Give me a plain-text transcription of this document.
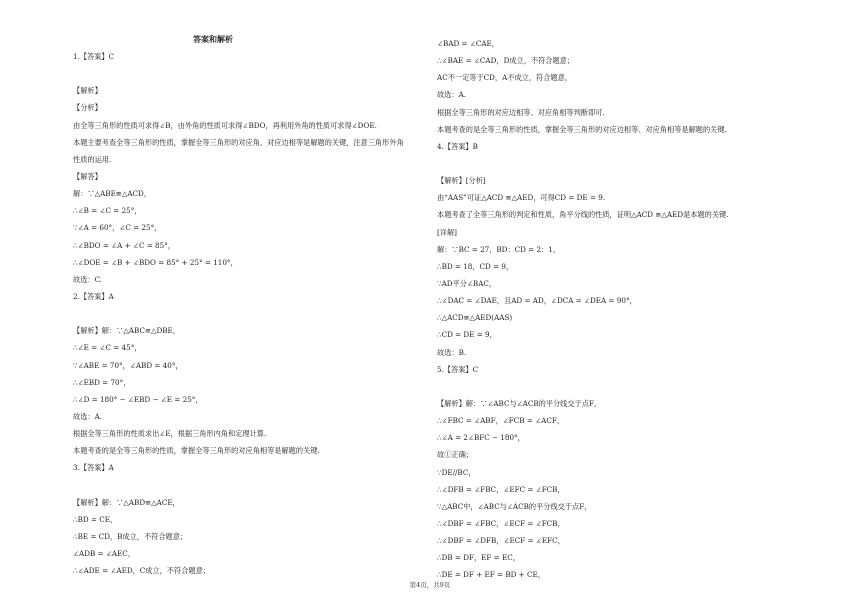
答案和解析
1.【答案】C
【解析】
【分析】
由全等三角形的性质可求得∠B，由外角的性质可求得∠BDO，再利用外角的性质可求得∠DOE.
本题主要考查全等三角形的性质，掌握全等三角形的对应角、对应边相等是解题的关键，注意三角形外角
性质的运用.
【解答】
解：∵△ABE≌△ACD，
∴∠B = ∠C = 25°，
∵∠A = 60°，∠C = 25°，
∴∠BDO = ∠A + ∠C = 85°，
∴∠DOE = ∠B + ∠BDO = 85° + 25° = 110°，
故选：C.
2.【答案】A
【解析】解：∵△ABC≌△DBE，
∴∠E = ∠C = 45°，
∵∠ABE = 70°，∠ABD = 40°，
∴∠EBD = 70°，
∴∠D = 180° − ∠EBD − ∠E = 25°，
故选：A.
根据全等三角形的性质求出∠E，根据三角形内角和定理计算.
本题考查的是全等三角形的性质，掌握全等三角形的对应角相等是解题的关键.
3.【答案】A
【解析】解：∵△ABD≌△ACE，
∴BD = CE，
∴BE = CD，B成立，不符合题意；
∠ADB = ∠AEC，
∴∠ADE = ∠AED，C成立，不符合题意；
∠BAD = ∠CAE，
∴∠BAE = ∠CAD，D成立，不符合题意；
AC不一定等于CD，A不成立，符合题意，
故选：A.
根据全等三角形的对应边相等、对应角相等判断即可.
本题考查的是全等三角形的性质，掌握全等三角形的对应边相等、对应角相等是解题的关键.
4.【答案】B
【解析】[分析]
由“AAS”可证△ACD ≌△AED，可得CD = DE = 9.
本题考查了全等三角形的判定和性质，角平分线的性质，证明△ACD ≌△AED是本题的关键.
[详解]
解：∵BC = 27，BD：CD = 2：1，
∴BD = 18，CD = 9，
∵AD平分∠BAC，
∴∠DAC = ∠DAE，且AD = AD，∠DCA = ∠DEA = 90°，
∴△ACD≌△AED(AAS)
∴CD = DE = 9，
故选：B.
5.【答案】C
【解析】解：∵∠ABC与∠ACB的平分线交于点F，
∴∠FBC = ∠ABF，∠FCB = ∠ACF，
∴∠A = 2∠BFC − 180°，
故①正确；
∵DE//BC，
∴∠DFB = ∠FBC，∠EFC = ∠FCB，
∵△ABC中，∠ABC与∠ACB的平分线交于点F，
∴∠DBF = ∠FBC，∠ECF = ∠FCB，
∴∠DBF = ∠DFB，∠ECF = ∠EFC，
∴DB = DF，EF = EC，
∴DE = DF + EF = BD + CE，
第4页，共9页
